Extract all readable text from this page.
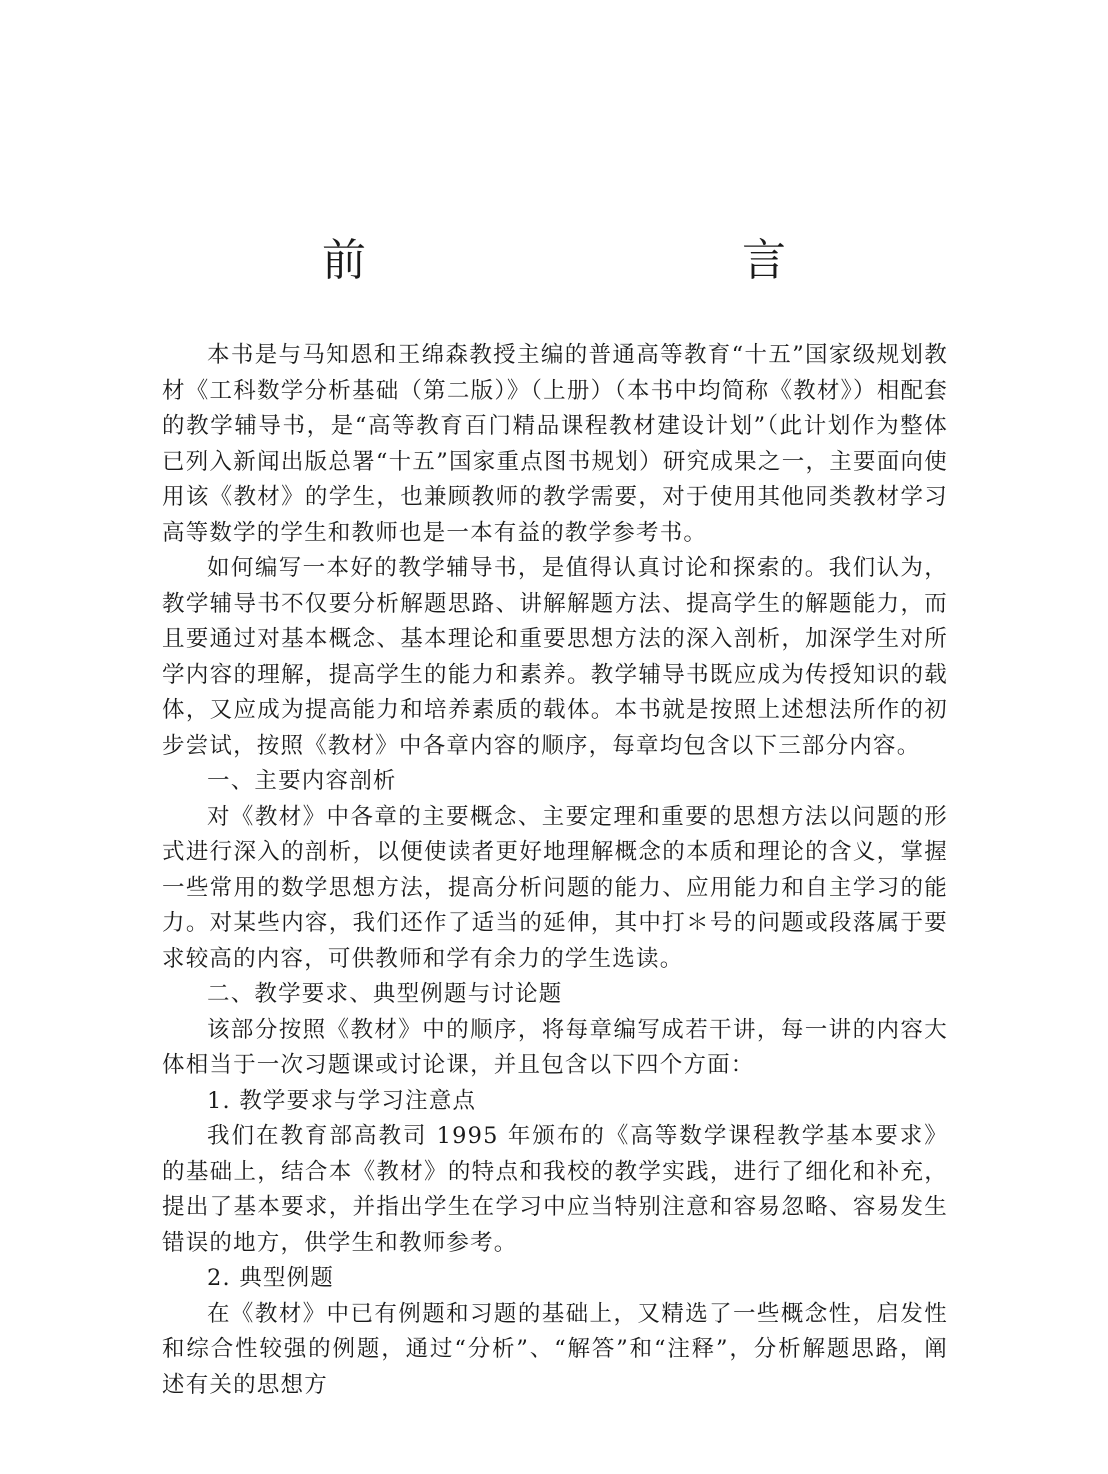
前　　言

本书是与马知恩和王绵森教授主编的普通高等教育“十五”国家级规划教材《工科数学分析基础（第二版）》（上册）（本书中均简称《教材》）相配套的教学辅导书，是“高等教育百门精品课程教材建设计划”（此计划作为整体已列入新闻出版总署“十五”国家重点图书规划）研究成果之一，主要面向使用该《教材》的学生，也兼顾教师的教学需要，对于使用其他同类教材学习高等数学的学生和教师也是一本有益的教学参考书。

如何编写一本好的教学辅导书，是值得认真讨论和探索的。我们认为，教学辅导书不仅要分析解题思路、讲解解题方法、提高学生的解题能力，而且要通过对基本概念、基本理论和重要思想方法的深入剖析，加深学生对所学内容的理解，提高学生的能力和素养。教学辅导书既应成为传授知识的载体，又应成为提高能力和培养素质的载体。本书就是按照上述想法所作的初步尝试，按照《教材》中各章内容的顺序，每章均包含以下三部分内容。

一、主要内容剖析

对《教材》中各章的主要概念、主要定理和重要的思想方法以问题的形式进行深入的剖析，以便使读者更好地理解概念的本质和理论的含义，掌握一些常用的数学思想方法，提高分析问题的能力、应用能力和自主学习的能力。对某些内容，我们还作了适当的延伸，其中打＊号的问题或段落属于要求较高的内容，可供教师和学有余力的学生选读。

二、教学要求、典型例题与讨论题

该部分按照《教材》中的顺序，将每章编写成若干讲，每一讲的内容大体相当于一次习题课或讨论课，并且包含以下四个方面：

1. 教学要求与学习注意点

我们在教育部高教司 1995 年颁布的《高等数学课程教学基本要求》的基础上，结合本《教材》的特点和我校的教学实践，进行了细化和补充，提出了基本要求，并指出学生在学习中应当特别注意和容易忽略、容易发生错误的地方，供学生和教师参考。

2. 典型例题

在《教材》中已有例题和习题的基础上，又精选了一些概念性，启发性和综合性较强的例题，通过“分析”、“解答”和“注释”，分析解题思路，阐述有关的思想方
